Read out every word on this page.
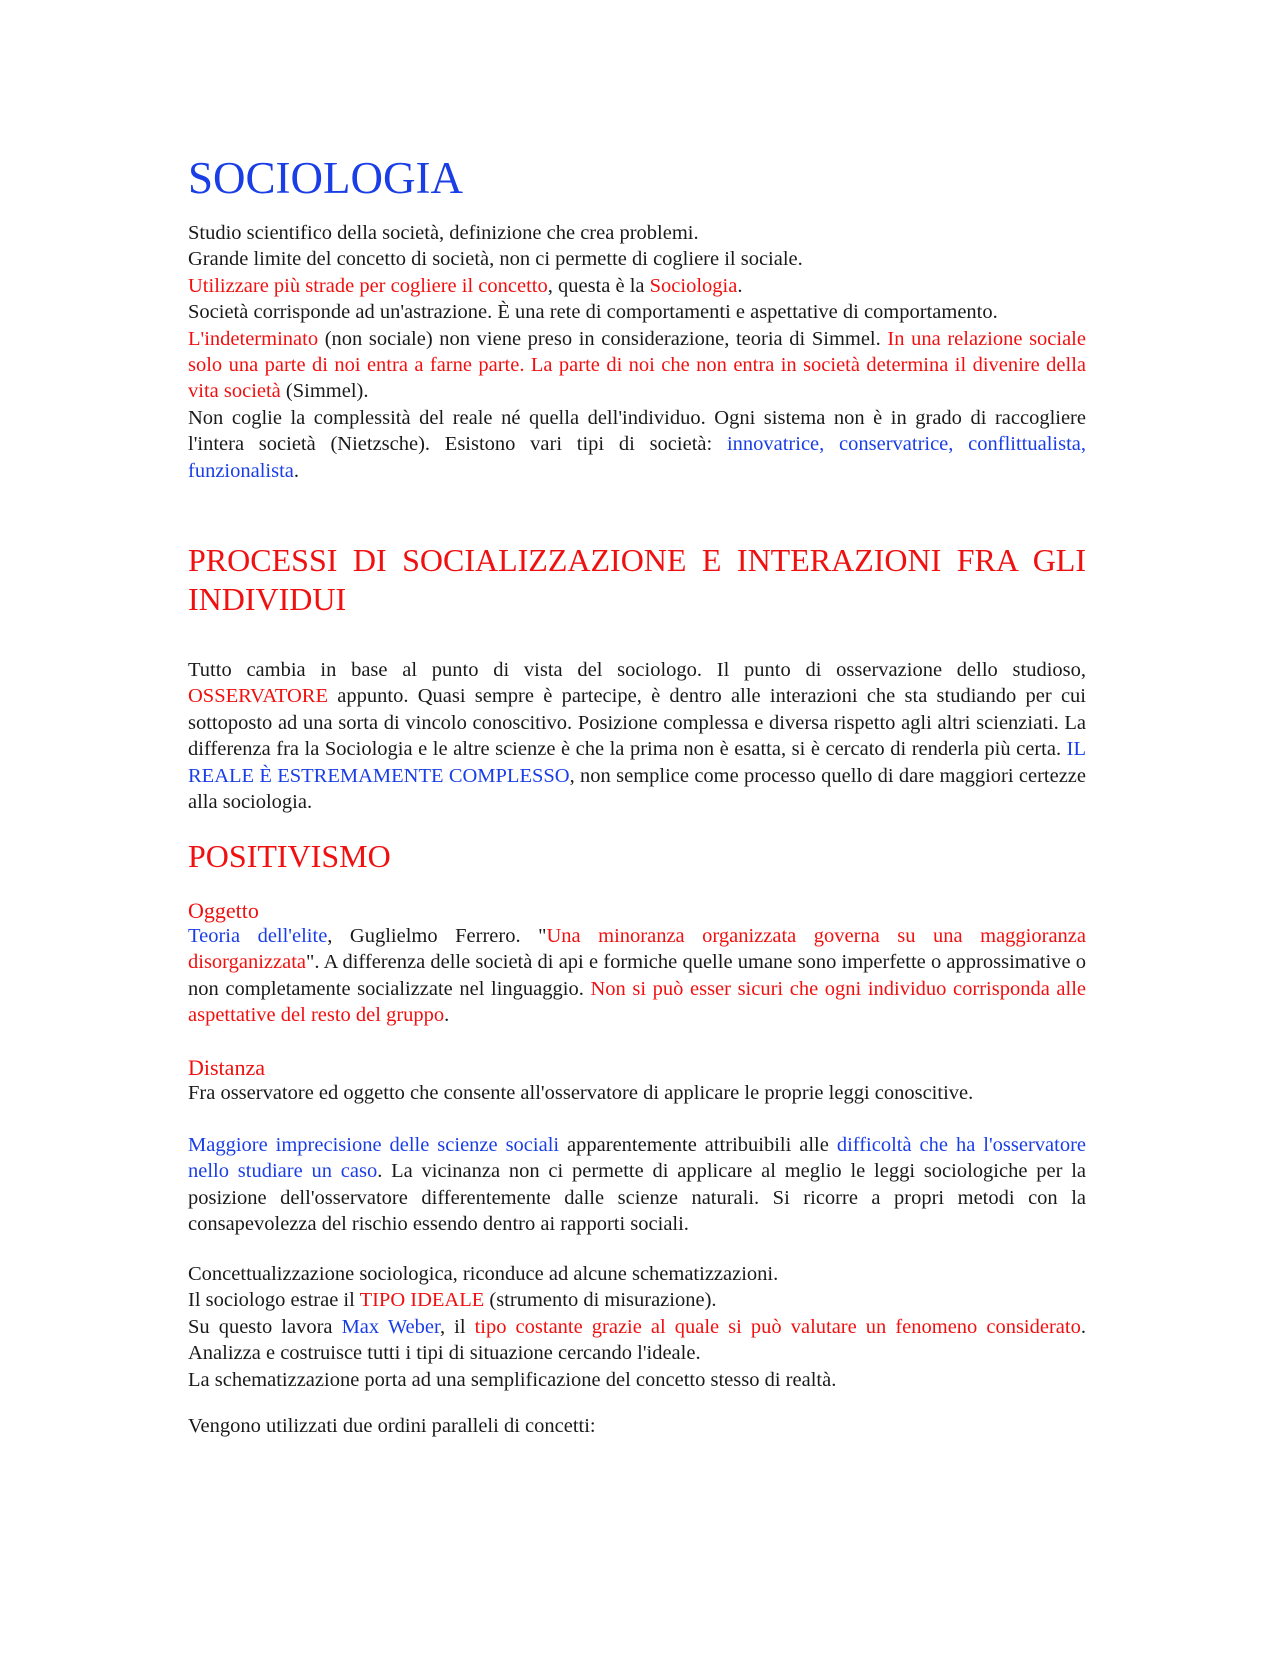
SOCIOLOGIA

Studio scientifico della società, definizione che crea problemi.

Grande limite del concetto di società, non ci permette di cogliere il sociale.

Utilizzare più strade per cogliere il concetto, questa è la Sociologia.

Società corrisponde ad un'astrazione. È una rete di comportamenti e aspettative di comportamento.

L'indeterminato (non sociale) non viene preso in considerazione, teoria di Simmel. In una relazione sociale solo una parte di noi entra a farne parte. La parte di noi che non entra in società determina il divenire della vita società (Simmel).

Non coglie la complessità del reale né quella dell'individuo. Ogni sistema non è in grado di raccogliere l'intera società (Nietzsche). Esistono vari tipi di società: innovatrice, conservatrice, conflittualista, funzionalista.

PROCESSI DI SOCIALIZZAZIONE E INTERAZIONI FRA GLI INDIVIDUI

Tutto cambia in base al punto di vista del sociologo. Il punto di osservazione dello studioso, OSSERVATORE appunto. Quasi sempre è partecipe, è dentro alle interazioni che sta studiando per cui sottoposto ad una sorta di vincolo conoscitivo. Posizione complessa e diversa rispetto agli altri scienziati. La differenza fra la Sociologia e le altre scienze è che la prima non è esatta, si è cercato di renderla più certa. IL REALE È ESTREMAMENTE COMPLESSO, non semplice come processo quello di dare maggiori certezze alla sociologia.

POSITIVISMO
Oggetto

Teoria dell'elite, Guglielmo Ferrero. "Una minoranza organizzata governa su una maggioranza disorganizzata". A differenza delle società di api e formiche quelle umane sono imperfette o approssimative o non completamente socializzate nel linguaggio. Non si può esser sicuri che ogni individuo corrisponda alle aspettative del resto del gruppo.

Distanza

Fra osservatore ed oggetto che consente all'osservatore di applicare le proprie leggi conoscitive.

Maggiore imprecisione delle scienze sociali apparentemente attribuibili alle difficoltà che ha l'osservatore nello studiare un caso. La vicinanza non ci permette di applicare al meglio le leggi sociologiche per la posizione dell'osservatore differentemente dalle scienze naturali. Si ricorre a propri metodi con la consapevolezza del rischio essendo dentro ai rapporti sociali.

Concettualizzazione sociologica, riconduce ad alcune schematizzazioni.

Il sociologo estrae il TIPO IDEALE (strumento di misurazione).

Su questo lavora Max Weber, il tipo costante grazie al quale si può valutare un fenomeno considerato. Analizza e costruisce tutti i tipi di situazione cercando l'ideale.

La schematizzazione porta ad una semplificazione del concetto stesso di realtà.

Vengono utilizzati due ordini paralleli di concetti:
